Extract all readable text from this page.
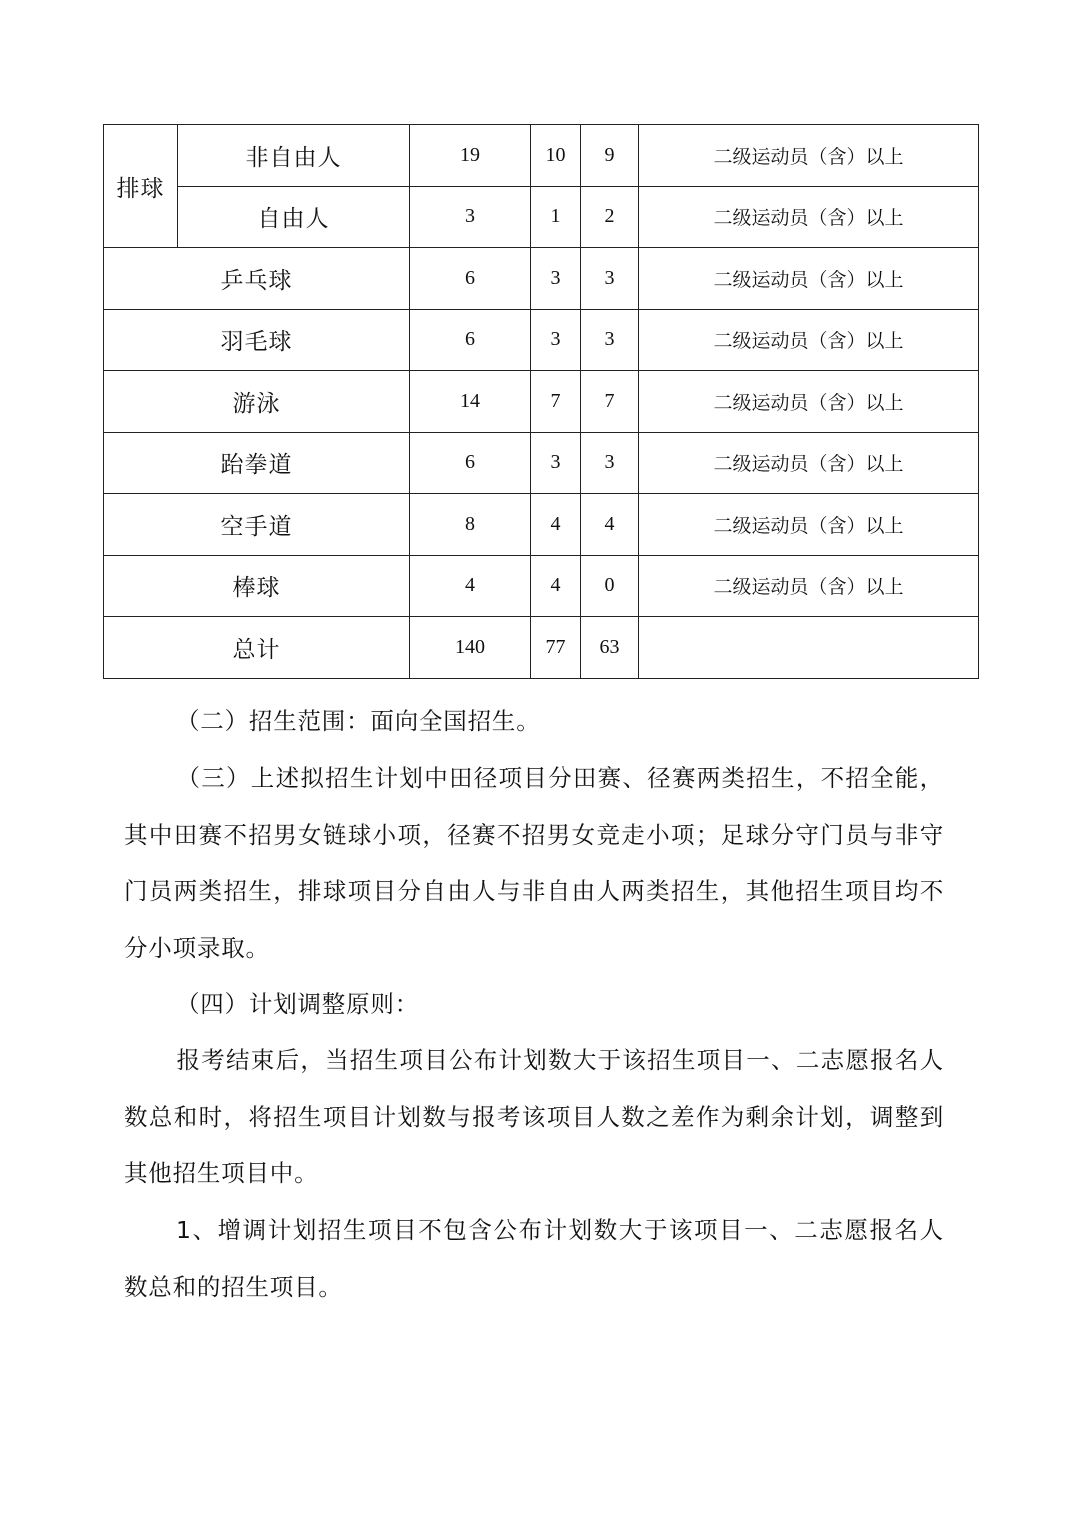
排球	非自由人	19	10	9	二级运动员（含）以上
	自由人	3	1	2	二级运动员（含）以上
乒乓球		6	3	3	二级运动员（含）以上
羽毛球		6	3	3	二级运动员（含）以上
游泳		14	7	7	二级运动员（含）以上
跆拳道		6	3	3	二级运动员（含）以上
空手道		8	4	4	二级运动员（含）以上
棒球		4	4	0	二级运动员（含）以上
总计		140	77	63	

（二）招生范围：面向全国招生。

（三）上述拟招生计划中田径项目分田赛、径赛两类招生，不招全能，其中田赛不招男女链球小项，径赛不招男女竞走小项；足球分守门员与非守门员两类招生，排球项目分自由人与非自由人两类招生，其他招生项目均不分小项录取。

（四）计划调整原则：

报考结束后，当招生项目公布计划数大于该招生项目一、二志愿报名人数总和时，将招生项目计划数与报考该项目人数之差作为剩余计划，调整到其他招生项目中。

1、增调计划招生项目不包含公布计划数大于该项目一、二志愿报名人数总和的招生项目。
